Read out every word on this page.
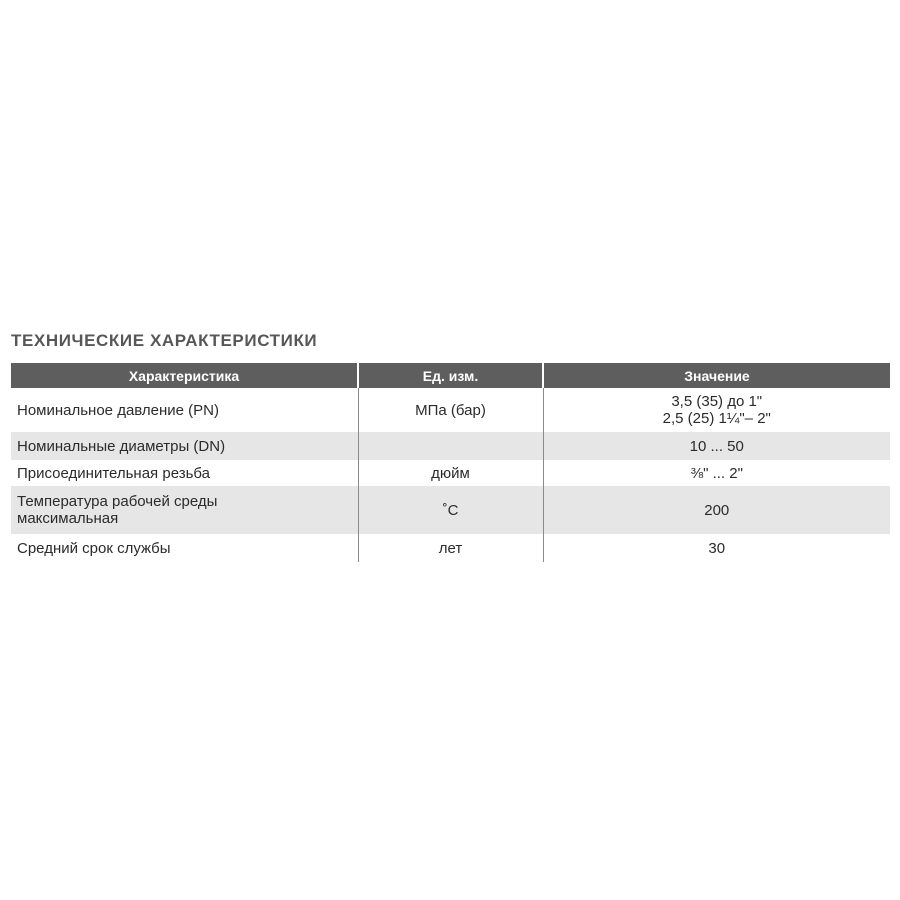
ТЕХНИЧЕСКИЕ ХАРАКТЕРИСТИКИ
Характеристика	Ед. изм.	Значение
Номинальное давление (PN)	МПа (бар)	3,5 (35) до 1"
2,5 (25) 1¼"– 2"

Номинальные диаметры (DN)		10 ... 50
Присоединительная резьба	дюйм	⅜" ... 2"

Температура рабочей среды
максимальная	˚С	200
Средний срок службы	лет	30
